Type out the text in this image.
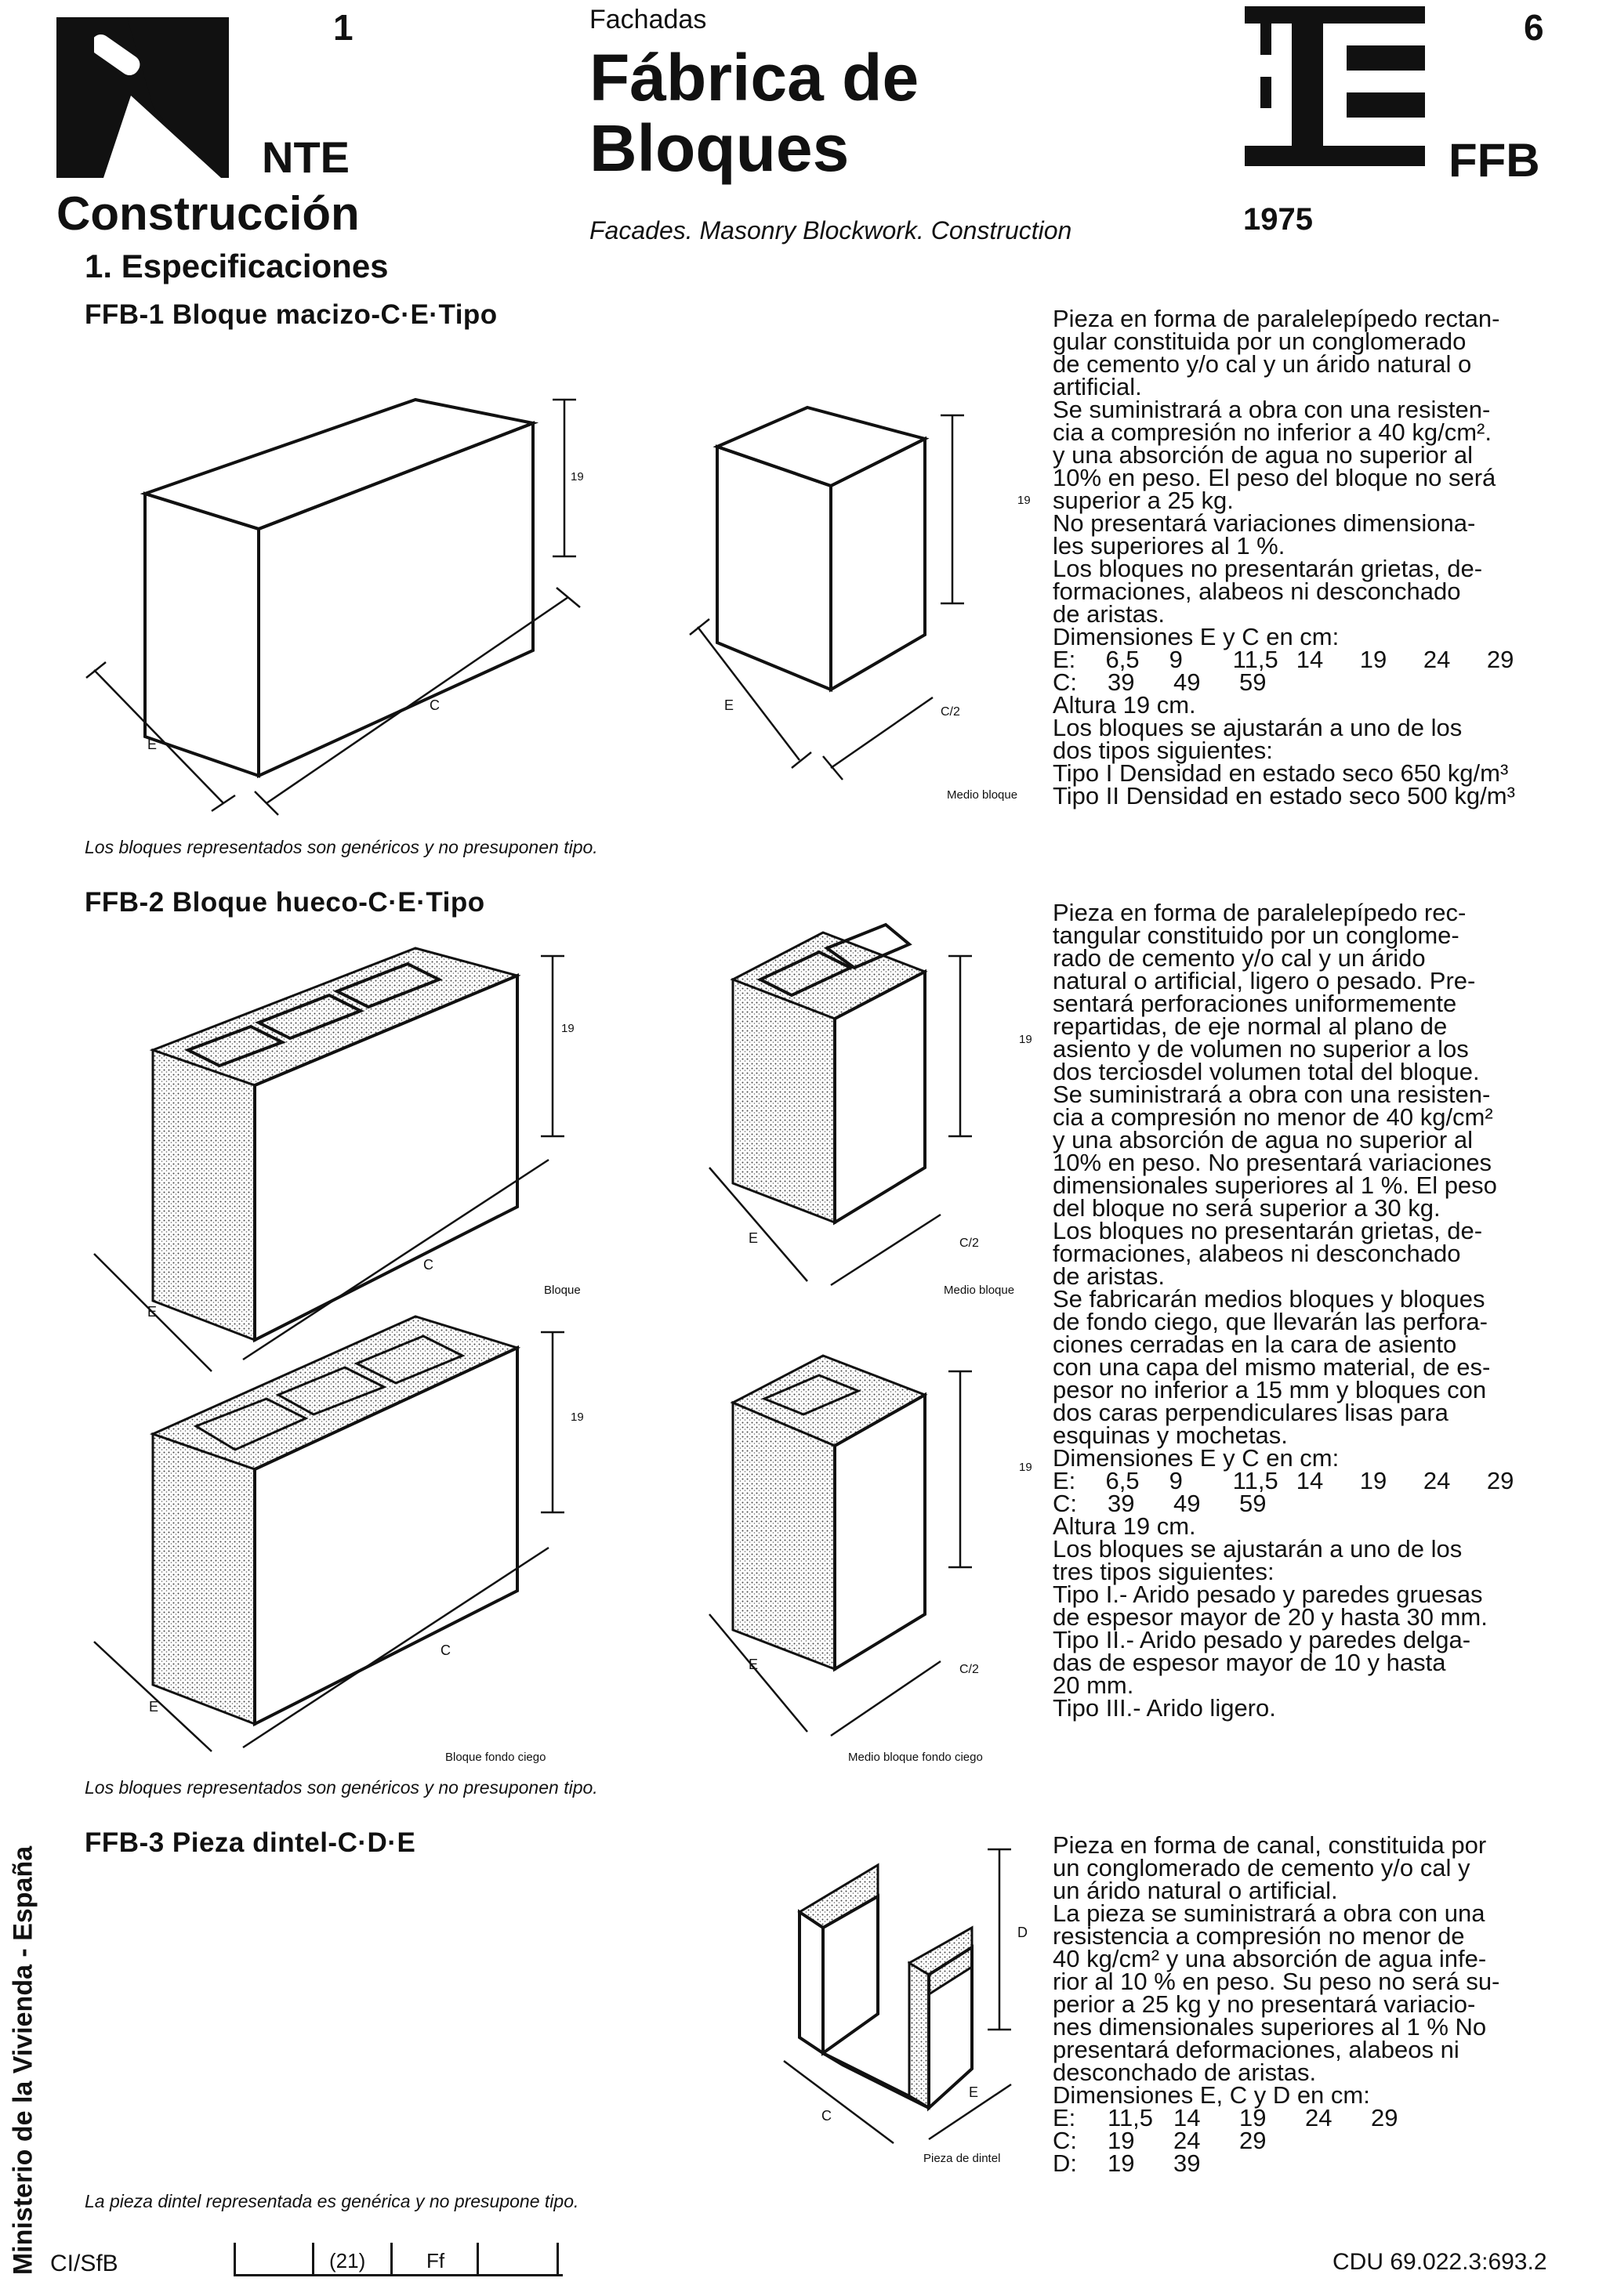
1
NTE
Construcción
Fachadas
Fábrica de
Bloques
Facades. Masonry Blockwork. Construction
6
FFB
1975
1. Especificaciones
Ministerio de la Vivienda - España
FFB-1 Bloque macizo-C·E·Tipo
19
C
E
19
E	C/2
Medio bloque
Los bloques representados son genéricos y no presuponen tipo.
Pieza en forma de paralelepípedo rectan-
gular constituida por un conglomerado
de cemento y/o cal y un árido natural o
artificial.
Se suministrará a obra con una resisten-
cia a compresión no inferior a 40 kg/cm².
y una absorción de agua no superior al
10% en peso. El peso del bloque no será
superior a 25 kg.
No presentará variaciones dimensiona-
les superiores al 1 %.
Los bloques no presentarán grietas, de-
formaciones, alabeos ni desconchado
de aristas.
Dimensiones E y C en cm:
E:	6,5	9	11,5 14	19	24	29
C:	39	49	59
Altura 19 cm.
Los bloques se ajustarán a uno de los
dos tipos siguientes:
Tipo I Densidad en estado seco 650 kg/m³
Tipo II Densidad en estado seco 500 kg/m³
FFB-2 Bloque hueco-C·E·Tipo
19
C
E
Bloque
19
E	C/2
Medio bloque
19
C
E
Bloque fondo ciego
19
E	C/2
Medio bloque fondo ciego
Los bloques representados son genéricos y no presuponen tipo.
Pieza en forma de paralelepípedo rec-
tangular constituido por un conglome-
rado de cemento y/o cal y un árido
natural o artificial, ligero o pesado. Pre-
sentará perforaciones uniformemente
repartidas, de eje normal al plano de
asiento y de volumen no superior a los
dos terciosdel volumen total del bloque.
Se suministrará a obra con una resisten-
cia a compresión no menor de 40 kg/cm²
y una absorción de agua no superior al
10% en peso. No presentará variaciones
dimensionales superiores al 1 %. El peso
del bloque no será superior a 30 kg.
Los bloques no presentarán grietas, de-
formaciones, alabeos ni desconchado
de aristas.
Se fabricarán medios bloques y bloques
de fondo ciego, que llevarán las perfora-
ciones cerradas en la cara de asiento
con una capa del mismo material, de es-
pesor no inferior a 15 mm y bloques con
dos caras perpendiculares lisas para
esquinas y mochetas.
Dimensiones E y C en cm:
E:	6,5	9	11,5 14	19	24	29
C:	39	49	59
Altura 19 cm.
Los bloques se ajustarán a uno de los
tres tipos siguientes:
Tipo I.- Arido pesado y paredes gruesas
de espesor mayor de 20 y hasta 30 mm.
Tipo II.- Arido pesado y paredes delga-
das de espesor mayor de 10 y hasta
20 mm.
Tipo III.- Arido ligero.
FFB-3 Pieza dintel-C·D·E
D
C
E
Pieza de dintel
La pieza dintel representada es genérica y no presupone tipo.
Pieza en forma de canal, constituida por
un conglomerado de cemento y/o cal y
un árido natural o artificial.
La pieza se suministrará a obra con una
resistencia a compresión no menor de
40 kg/cm² y una absorción de agua infe-
rior al 10 % en peso. Su peso no será su-
perior a 25 kg y no presentará variacio-
nes dimensionales superiores al 1 % No
presentará deformaciones, alabeos ni
desconchado de aristas.
Dimensiones E, C y D en cm:
E:	11,5 14	19	24	29
C:	19	24	29
D:	19	39
CI/SfB	(21)	Ff	CDU 69.022.3:693.2
